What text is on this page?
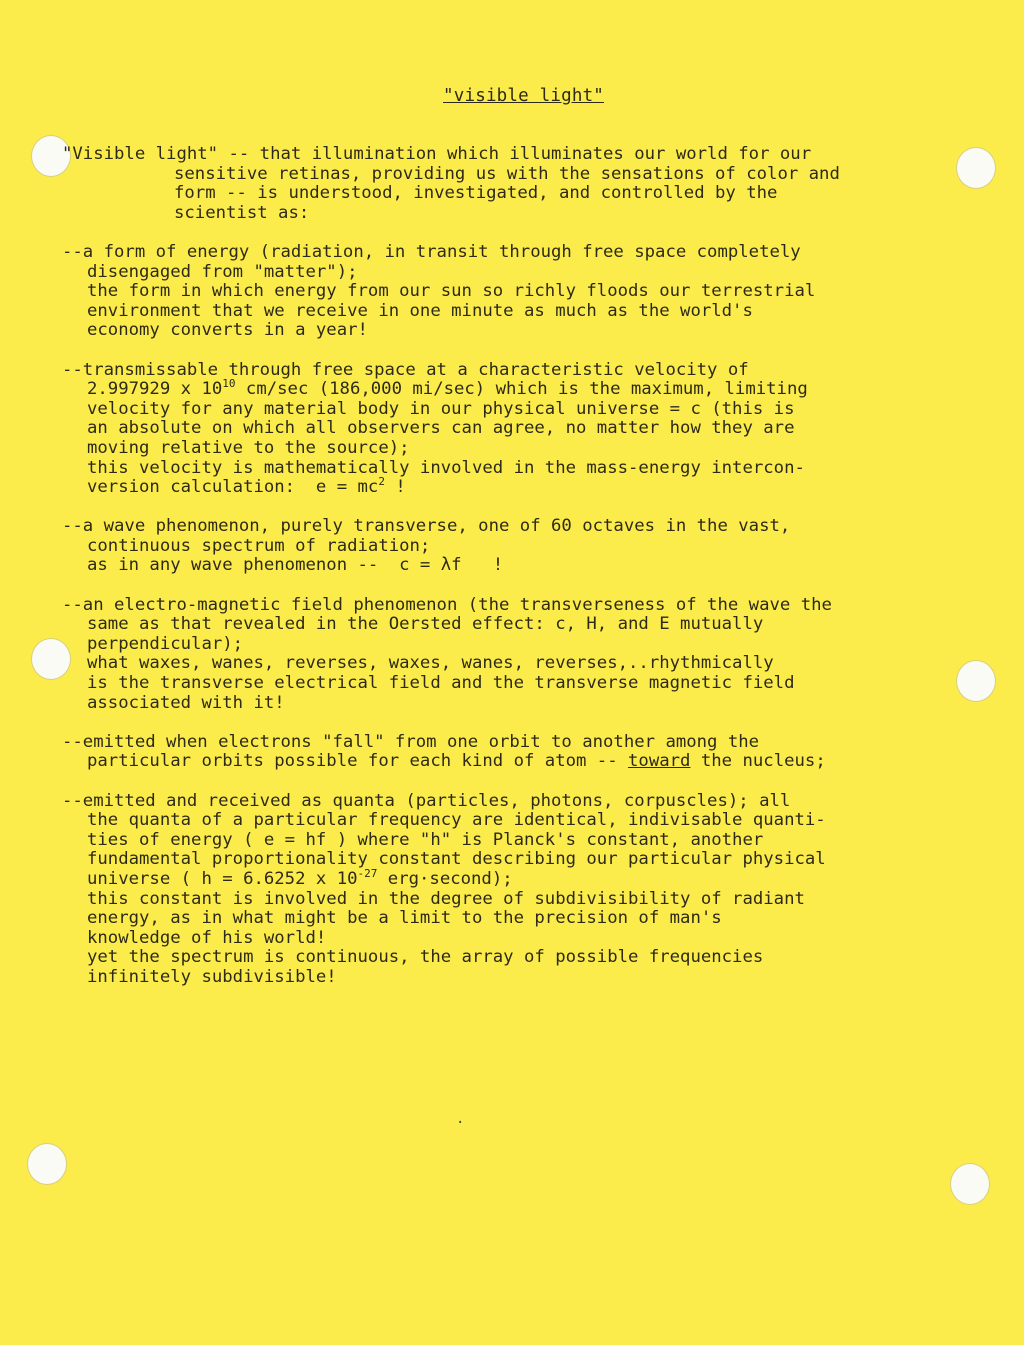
"visible light"
"Visible light" -- that illumination which illuminates our world for our
sensitive retinas, providing us with the sensations of color and
form -- is understood, investigated, and controlled by the
scientist as:
--a form of energy (radiation, in transit through free space completely
disengaged from "matter");
the form in which energy from our sun so richly floods our terrestrial
environment that we receive in one minute as much as the world's
economy converts in a year!
--transmissable through free space at a characteristic velocity of
2.997929 x $10^{10}$ cm/sec (186,000 mi/sec) which is the maximum, limiting
velocity for any material body in our physical universe = c (this is
an absolute on which all observers can agree, no matter how they are
moving relative to the source);
this velocity is mathematically involved in the mass-energy intercon-
version calculation:  $e = mc^2$ !
--a wave phenomenon, purely transverse, one of 60 octaves in the vast,
continuous spectrum of radiation;
as in any wave phenomenon --  c = λf   !
--an electro-magnetic field phenomenon (the transverseness of the wave the
same as that revealed in the Oersted effect: c, H, and E mutually
perpendicular);
what waxes, wanes, reverses, waxes, wanes, reverses,..rhythmically
is the transverse electrical field and the transverse magnetic field
associated with it!
--emitted when electrons "fall" from one orbit to another among the
particular orbits possible for each kind of atom -- toward the nucleus;
--emitted and received as quanta (particles, photons, corpuscles); all
the quanta of a particular frequency are identical, indivisable quanti-
ties of energy ( e = hf ) where "h" is Planck's constant, another
fundamental proportionality constant describing our particular physical
universe ( h = 6.6252 x $10^{-27}$ erg·second);
this constant is involved in the degree of subdivisibility of radiant
energy, as in what might be a limit to the precision of man's
knowledge of his world!
yet the spectrum is continuous, the array of possible frequencies
infinitely subdivisible!
·
